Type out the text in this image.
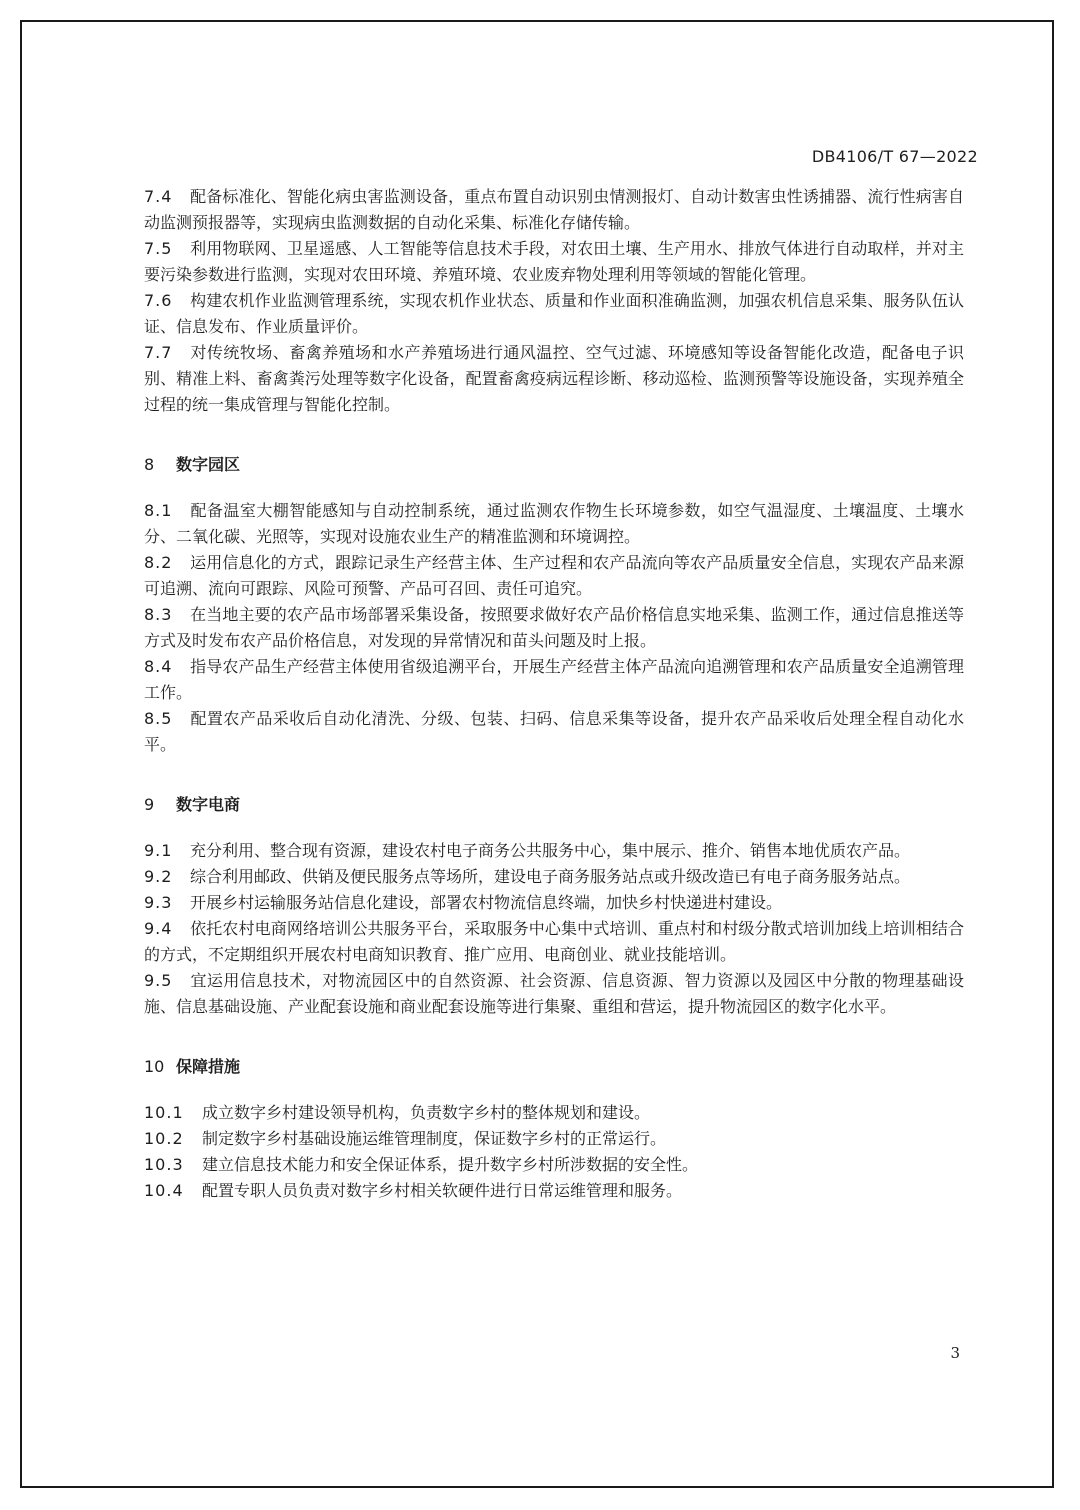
DB4106/T 67—2022

7.4 配备标准化、智能化病虫害监测设备，重点布置自动识别虫情测报灯、自动计数害虫性诱捕器、流行性病害自动监测预报器等，实现病虫监测数据的自动化采集、标准化存储传输。

7.5 利用物联网、卫星遥感、人工智能等信息技术手段，对农田土壤、生产用水、排放气体进行自动取样，并对主要污染参数进行监测，实现对农田环境、养殖环境、农业废弃物处理利用等领域的智能化管理。

7.6 构建农机作业监测管理系统，实现农机作业状态、质量和作业面积准确监测，加强农机信息采集、服务队伍认证、信息发布、作业质量评价。

7.7 对传统牧场、畜禽养殖场和水产养殖场进行通风温控、空气过滤、环境感知等设备智能化改造，配备电子识别、精准上料、畜禽粪污处理等数字化设备，配置畜禽疫病远程诊断、移动巡检、监测预警等设施设备，实现养殖全过程的统一集成管理与智能化控制。

8 数字园区

8.1 配备温室大棚智能感知与自动控制系统，通过监测农作物生长环境参数，如空气温湿度、土壤温度、土壤水分、二氧化碳、光照等，实现对设施农业生产的精准监测和环境调控。

8.2 运用信息化的方式，跟踪记录生产经营主体、生产过程和农产品流向等农产品质量安全信息，实现农产品来源可追溯、流向可跟踪、风险可预警、产品可召回、责任可追究。

8.3 在当地主要的农产品市场部署采集设备，按照要求做好农产品价格信息实地采集、监测工作，通过信息推送等方式及时发布农产品价格信息，对发现的异常情况和苗头问题及时上报。

8.4 指导农产品生产经营主体使用省级追溯平台，开展生产经营主体产品流向追溯管理和农产品质量安全追溯管理工作。

8.5 配置农产品采收后自动化清洗、分级、包装、扫码、信息采集等设备，提升农产品采收后处理全程自动化水平。

9 数字电商

9.1 充分利用、整合现有资源，建设农村电子商务公共服务中心，集中展示、推介、销售本地优质农产品。

9.2 综合利用邮政、供销及便民服务点等场所，建设电子商务服务站点或升级改造已有电子商务服务站点。

9.3 开展乡村运输服务站信息化建设，部署农村物流信息终端，加快乡村快递进村建设。

9.4 依托农村电商网络培训公共服务平台，采取服务中心集中式培训、重点村和村级分散式培训加线上培训相结合的方式，不定期组织开展农村电商知识教育、推广应用、电商创业、就业技能培训。

9.5 宜运用信息技术，对物流园区中的自然资源、社会资源、信息资源、智力资源以及园区中分散的物理基础设施、信息基础设施、产业配套设施和商业配套设施等进行集聚、重组和营运，提升物流园区的数字化水平。

10 保障措施

10.1 成立数字乡村建设领导机构，负责数字乡村的整体规划和建设。

10.2 制定数字乡村基础设施运维管理制度，保证数字乡村的正常运行。

10.3 建立信息技术能力和安全保证体系，提升数字乡村所涉数据的安全性。

10.4 配置专职人员负责对数字乡村相关软硬件进行日常运维管理和服务。

3
